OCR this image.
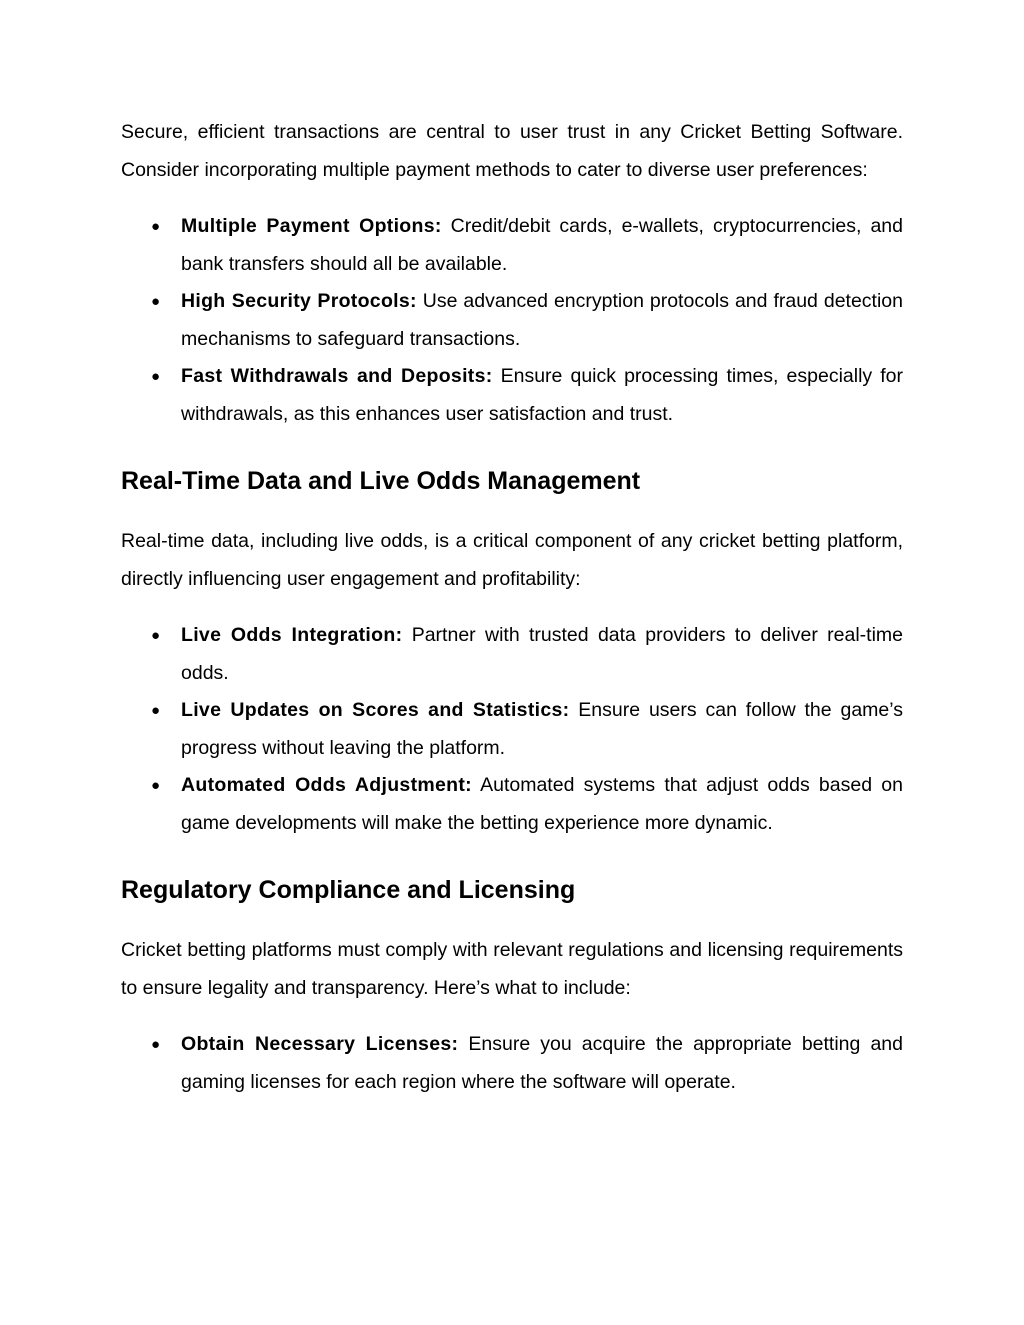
Secure, efficient transactions are central to user trust in any Cricket Betting Software. Consider incorporating multiple payment methods to cater to diverse user preferences:

● Multiple Payment Options: Credit/debit cards, e-wallets, cryptocurrencies, and bank transfers should all be available.
● High Security Protocols: Use advanced encryption protocols and fraud detection mechanisms to safeguard transactions.
● Fast Withdrawals and Deposits: Ensure quick processing times, especially for withdrawals, as this enhances user satisfaction and trust.
Real-Time Data and Live Odds Management

Real-time data, including live odds, is a critical component of any cricket betting platform, directly influencing user engagement and profitability:

● Live Odds Integration: Partner with trusted data providers to deliver real-time odds.
● Live Updates on Scores and Statistics: Ensure users can follow the game’s progress without leaving the platform.
● Automated Odds Adjustment: Automated systems that adjust odds based on game developments will make the betting experience more dynamic.
Regulatory Compliance and Licensing

Cricket betting platforms must comply with relevant regulations and licensing requirements to ensure legality and transparency. Here’s what to include:

● Obtain Necessary Licenses: Ensure you acquire the appropriate betting and gaming licenses for each region where the software will operate.
